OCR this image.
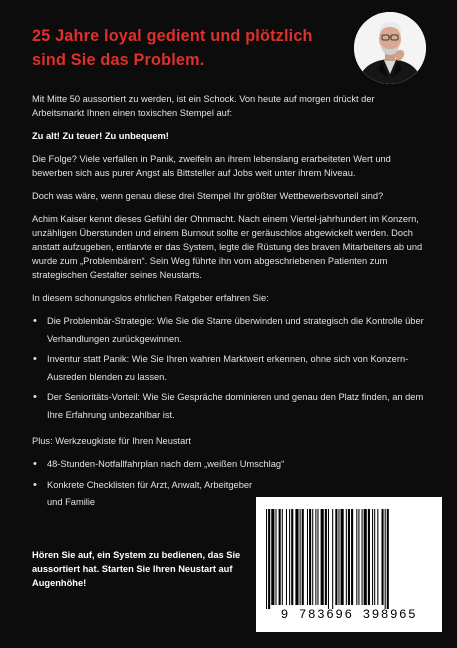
25 Jahre loyal gedient und plötzlich sind Sie das Problem.

Mit Mitte 50 aussortiert zu werden, ist ein Schock. Von heute auf morgen drückt der Arbeitsmarkt Ihnen einen toxischen Stempel auf:

Zu alt! Zu teuer! Zu unbequem!

Die Folge? Viele verfallen in Panik, zweifeln an ihrem lebenslang erarbeiteten Wert und bewerben sich aus purer Angst als Bittsteller auf Jobs weit unter ihrem Niveau.

Doch was wäre, wenn genau diese drei Stempel Ihr größter Wettbewerbsvorteil sind?

Achim Kaiser kennt dieses Gefühl der Ohnmacht. Nach einem Viertel-jahrhundert im Konzern, unzähligen Überstunden und einem Burnout sollte er geräuschlos abgewickelt werden. Doch anstatt aufzugeben, entlarvte er das System, legte die Rüstung des braven Mitarbeiters ab und wurde zum „Problembären“. Sein Weg führte ihn vom abgeschriebenen Patienten zum strategischen Gestalter seines Neustarts.

In diesem schonungslos ehrlichen Ratgeber erfahren Sie:

• Die Problembär-Strategie: Wie Sie die Starre überwinden und strategisch die Kontrolle über Verhandlungen zurückgewinnen.
• Inventur statt Panik: Wie Sie Ihren wahren Marktwert erkennen, ohne sich von Konzern-Ausreden blenden zu lassen.
• Der Senioritäts-Vorteil: Wie Sie Gespräche dominieren und genau den Platz finden, an dem Ihre Erfahrung unbezahlbar ist.

Plus: Werkzeugkiste für Ihren Neustart

• 48-Stunden-Notfallfahrplan nach dem „weißen Umschlag“
• Konkrete Checklisten für Arzt, Anwalt, Arbeitgeber und Familie

Hören Sie auf, ein System zu bedienen, das Sie aussortiert hat. Starten Sie Ihren Neustart auf Augenhöhe!

9 783696 398965
